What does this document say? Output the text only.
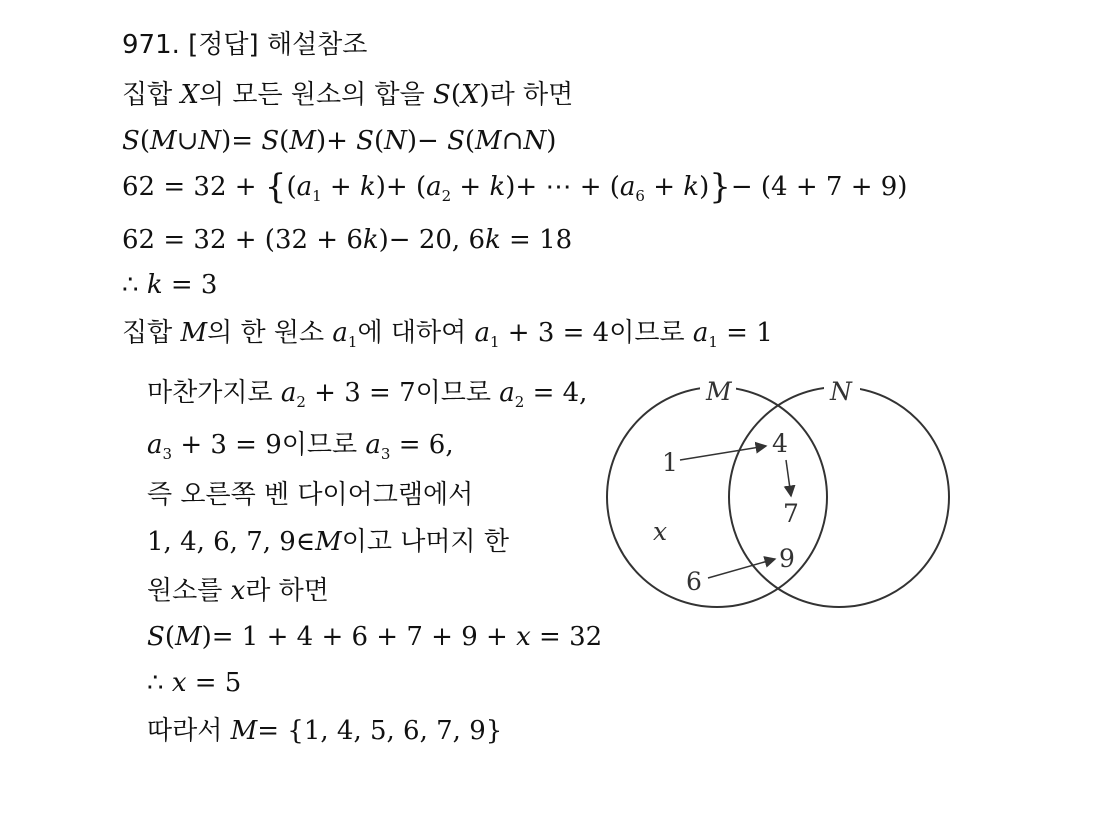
971. [정답] 해설참조
집합 X의 모든 원소의 합을 S(X)라 하면
S(M∪N)= S(M)+ S(N)− S(M∩N)
$62 = 32 + \{(a_1 + k)+ (a_2 + k)+$ ⋯ + $(a_6 + k)\}- (4 + 7 + 9)$
62 = 32 + (32 + 6k)− 20, 6k = 18
∴ k = 3
집합 M의 한 원소 $a_1$에 대하여 $a_1 + 3 = 4$이므로 $a_1 = 1$
마찬가지로 $a_2 + 3 = 7$이므로 $a_2 = 4$,
$a_3 + 3 = 9$이므로 $a_3 = 6$,
즉 오른쪽 벤 다이어그램에서
1, 4, 6, 7, 9∈M이고 나머지 한
원소를 x라 하면
S(M)= 1 + 4 + 6 + 7 + 9 + x = 32
∴ x = 5
따라서 M= {1, 4, 5, 6, 7, 9}
M	N
1
4
7
x
9
6
